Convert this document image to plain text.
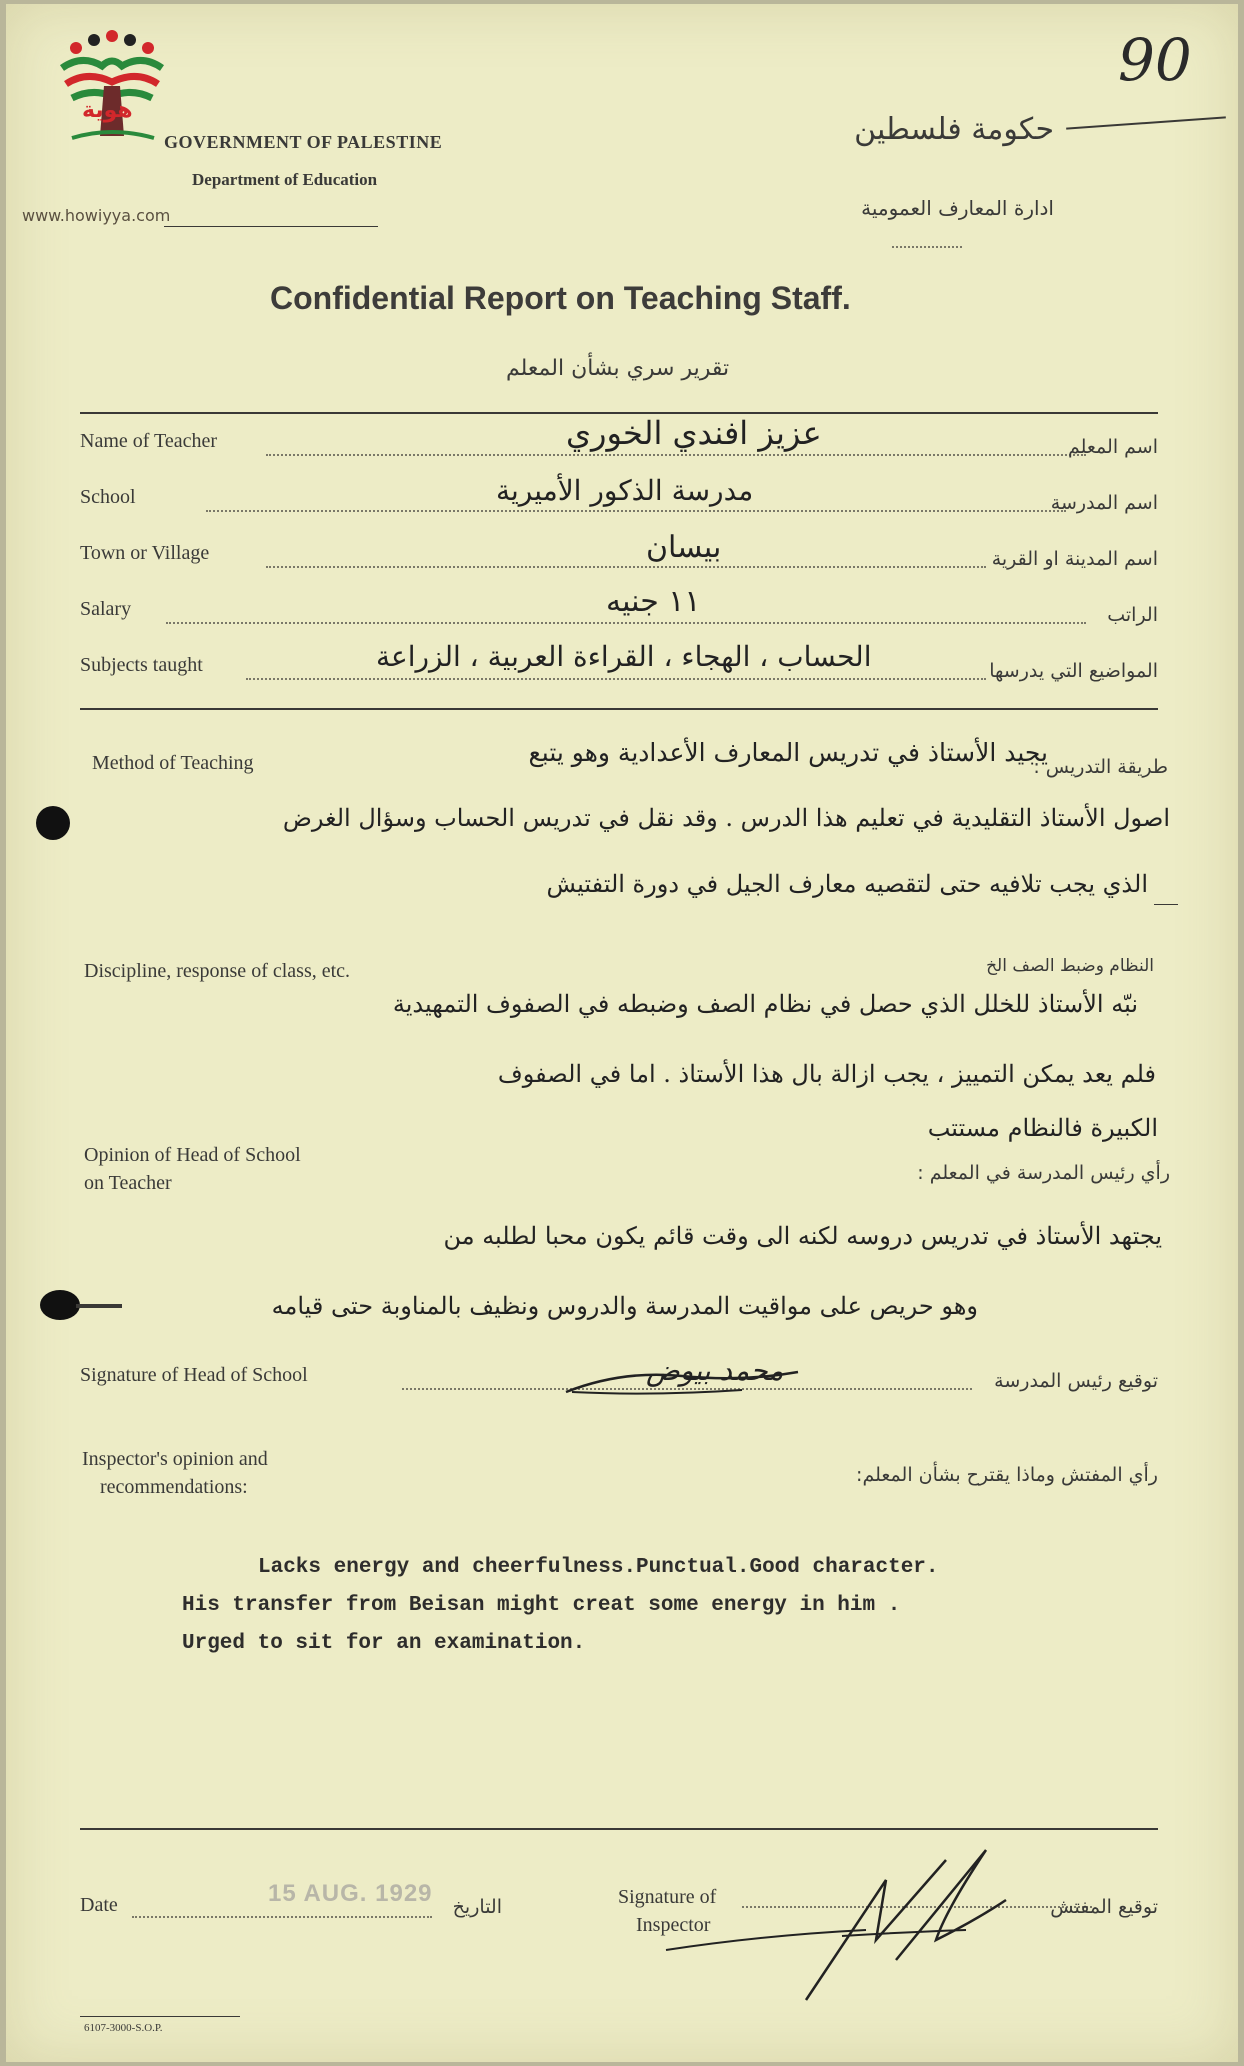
هوية
www.howiyya.com
90
GOVERNMENT OF PALESTINE
Department of Education
حكومة فلسطين
ادارة المعارف العمومية
Confidential Report on Teaching Staff.
تقرير سري بشأن المعلم
Name of Teacher	اسم المعلم
عزيز افندي الخوري
School	اسم المدرسة
مدرسة الذكور الأميرية
Town or Village	اسم المدينة او القرية
بيسان
Salary	الراتب
١١ جنيه
Subjects taught	المواضيع التي يدرسها
الحساب ، الهجاء ، القراءة العربية ، الزراعة
Method of Teaching	طريقة التدريس :
يجيد الأستاذ في تدريس المعارف الأعدادية وهو يتبع
اصول الأستاذ التقليدية في تعليم هذا الدرس . وقد نقل في تدريس الحساب وسؤال الغرض
الذي يجب تلافيه حتى لتقصيه معارف الجيل في دورة التفتيش
Discipline, response of class, etc.	النظام وضبط الصف الخ
نبّه الأستاذ للخلل الذي حصل في نظام الصف وضبطه في الصفوف التمهيدية
فلم يعد يمكن التمييز ، يجب ازالة بال هذا الأستاذ . اما في الصفوف
الكبيرة فالنظام مستتب
Opinion of Head of School
on Teacher	رأي رئيس المدرسة في المعلم :
يجتهد الأستاذ في تدريس دروسه لكنه الى وقت قائم يكون محبا لطلبه من
وهو حريص على مواقيت المدرسة والدروس ونظيف بالمناوبة حتى قيامه
Signature of Head of School	توقيع رئيس المدرسة
محمد بيوض
Inspector's opinion and
recommendations:
رأي المفتش وماذا يقترح بشأن المعلم:
Lacks energy and cheerfulness.Punctual.Good character.
His transfer from Beisan might creat some energy in him .
Urged to sit for an examination.
Date	15 AUG. 1929 التاريخ	Signature of
Inspector
توقيع المفتش
6107-3000-S.O.P.
